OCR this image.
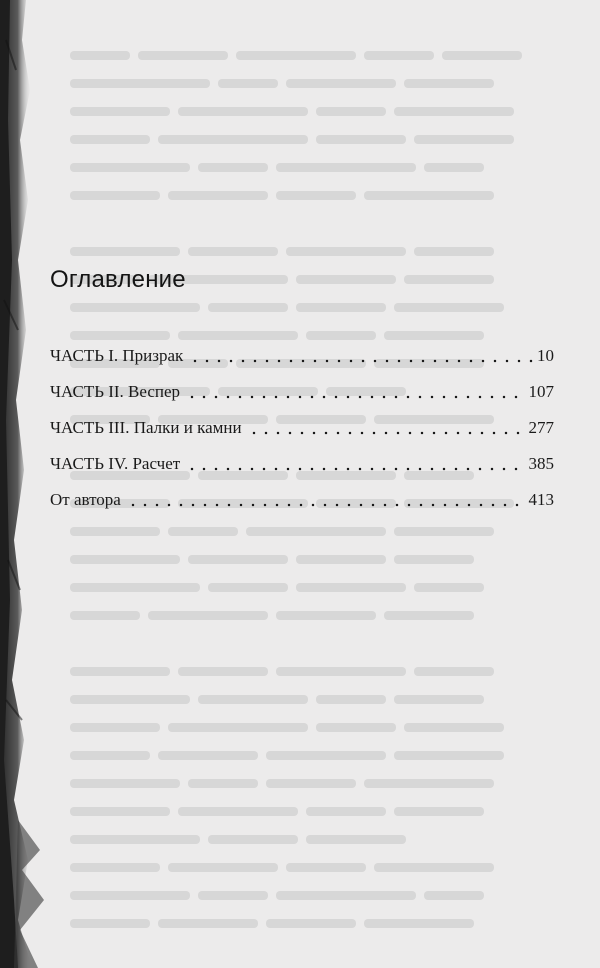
Оглавление
ЧАСТЬ I. Призрак	10
ЧАСТЬ II. Веспер	107
ЧАСТЬ III. Палки и камни	277
ЧАСТЬ IV. Расчет	385
От автора	413
